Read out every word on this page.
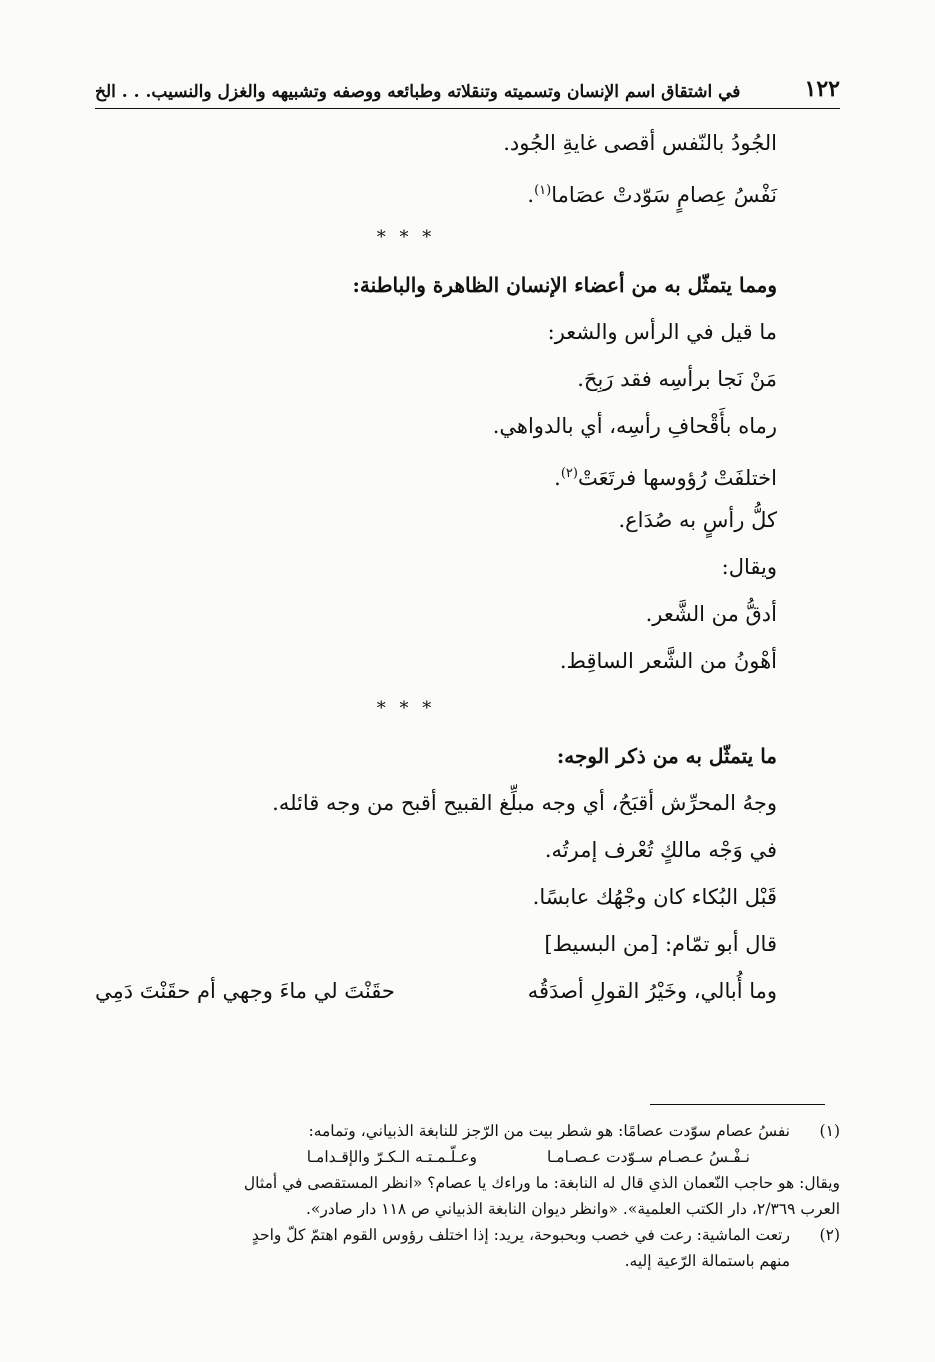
١٢٢
في اشتقاق اسم الإنسان وتسميته وتنقلاته وطبائعه ووصفه وتشبيهه والغزل والنسيب. . . الخ
الجُودُ بالنّفس أقصى غايةِ الجُود.
نَفْسُ عِصامٍ سَوّدتْ عصَاما$^{(١)}$.
* * *
ومما يتمثّل به من أعضاء الإنسان الظاهرة والباطنة:
ما قيل في الرأس والشعر:
مَنْ نَجا برأسِه فقد رَبِحَ.
رماه بأَقْحافِ رأسِه، أي بالدواهي.
اختلفَتْ رُؤوسها فرتَعَتْ$^{(٢)}$.
كلُّ رأسٍ به صُدَاع.
ويقال:
أدقُّ من الشَّعر.
أهْونُ من الشَّعر الساقِط.
* * *
ما يتمثّل به من ذكر الوجه:
وجهُ المحرِّش أقبَحُ، أي وجه مبلِّغ القبيح أقبح من وجه قائله.
في وَجْه مالكٍ تُعْرف إمرتُه.
قَبْل البُكاء كان وجْهُك عابسًا.
قال أبو تمّام: [من البسيط]
وما أُبالي، وخَيْرُ القولِ أصدَقُه
حقَنْتَ لي ماءَ وجهي أم حقَنْتَ دَمِي
(١)
نفسُ عصام سوّدت عصامًا: هو شطر بيت من الرّجز للنابغة الذبياني، وتمامه:
نـفْـسُ عـصـام سـوّدت عـصـامـا
وعـلّـمـتـه الـكـرّ والإقـدامـا
ويقال: هو حاجب النّعمان الذي قال له النابغة: ما وراءك يا عصام؟ «انظر المستقصى في أمثال
العرب ٢/٣٦٩، دار الكتب العلمية». «وانظر ديوان النابغة الذبياني ص ١١٨ دار صادر».
(٢)
رتعت الماشية: رعت في خصب وبحبوحة، يريد: إذا اختلف رؤوس القوم اهتمّ كلّ واحدٍ
منهم باستمالة الرّعية إليه.
